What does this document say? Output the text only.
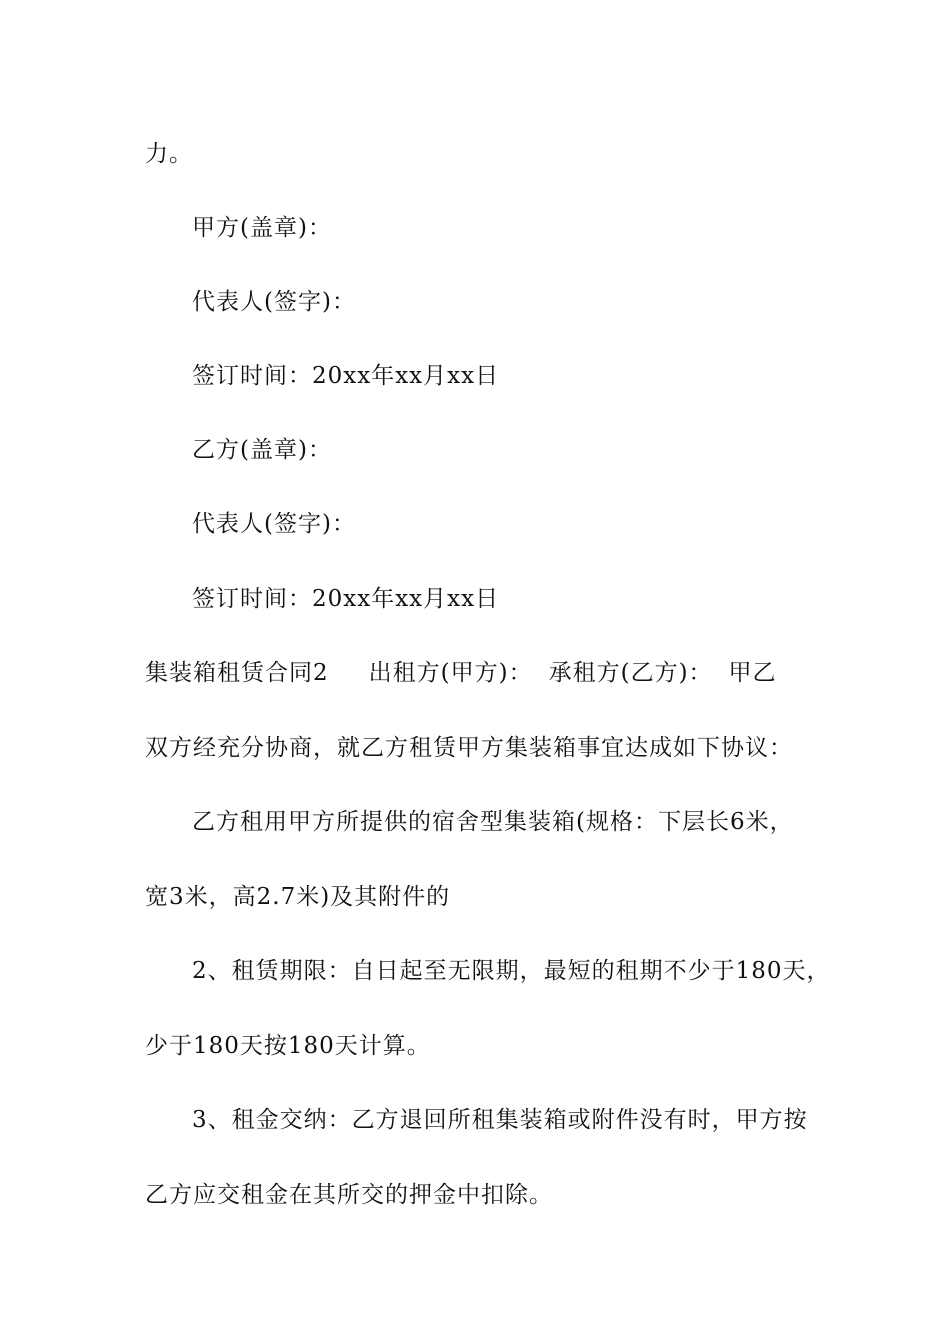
力。
甲方(盖章)：
代表人(签字)：
签订时间：20xx年xx月xx日
乙方(盖章)：
代表人(签字)：
签订时间：20xx年xx月xx日
集装箱租赁合同2 出租方(甲方)： 承租方(乙方)： 甲乙
双方经充分协商，就乙方租赁甲方集装箱事宜达成如下协议：
乙方租用甲方所提供的宿舍型集装箱(规格：下层长6米，
宽3米，高2.7米)及其附件的
2、租赁期限：自日起至无限期，最短的租期不少于180天，
少于180天按180天计算。
3、租金交纳：乙方退回所租集装箱或附件没有时，甲方按
乙方应交租金在其所交的押金中扣除。
